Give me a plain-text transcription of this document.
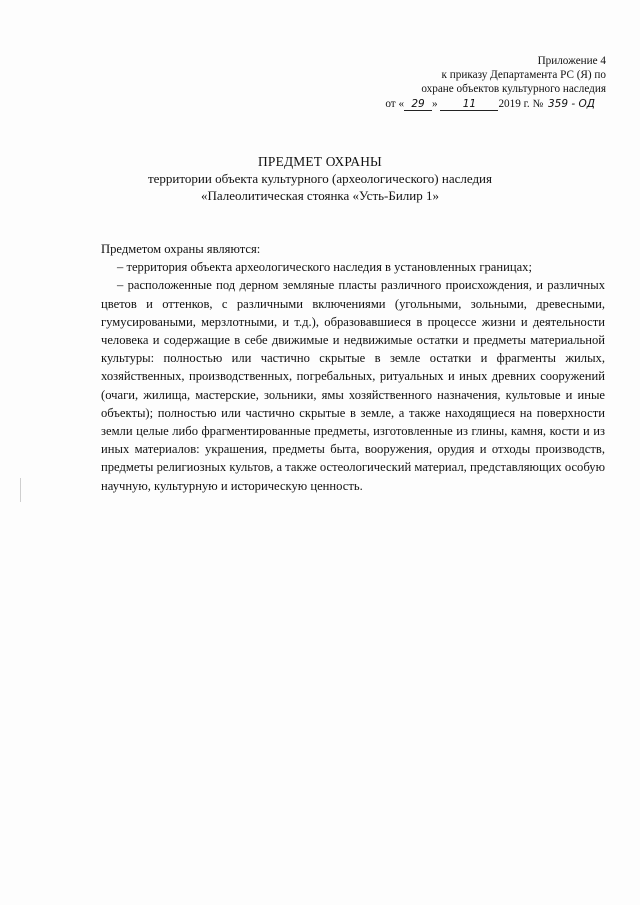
Приложение 4
к приказу Департамента РС (Я) по
охране объектов культурного наследия
от « 29 » 11 2019 г. № 359 - ОД
ПРЕДМЕТ ОХРАНЫ
территории объекта культурного (археологического) наследия
«Палеолитическая стоянка «Усть-Билир 1»

Предметом охраны являются:

– территория объекта археологического наследия в установленных границах;

– расположенные под дерном земляные пласты различного происхождения, и различных цветов и оттенков, с различными включениями (угольными, зольными, древесными, гумусироваными, мерзлотными, и т.д.), образовавшиеся в процессе жизни и деятельности человека и содержащие в себе движимые и недвижимые остатки и предметы материальной культуры: полностью или частично скрытые в земле остатки и фрагменты жилых, хозяйственных, производственных, погребальных, ритуальных и иных древних сооружений (очаги, жилища, мастерские, зольники, ямы хозяйственного назначения, культовые и иные объекты); полностью или частично скрытые в земле, а также находящиеся на поверхности земли целые либо фрагментированные предметы, изготовленные из глины, камня, кости и из иных материалов: украшения, предметы быта, вооружения, орудия и отходы производств, предметы религиозных культов, а также остеологический материал, представляющих особую научную, культурную и историческую ценность.
